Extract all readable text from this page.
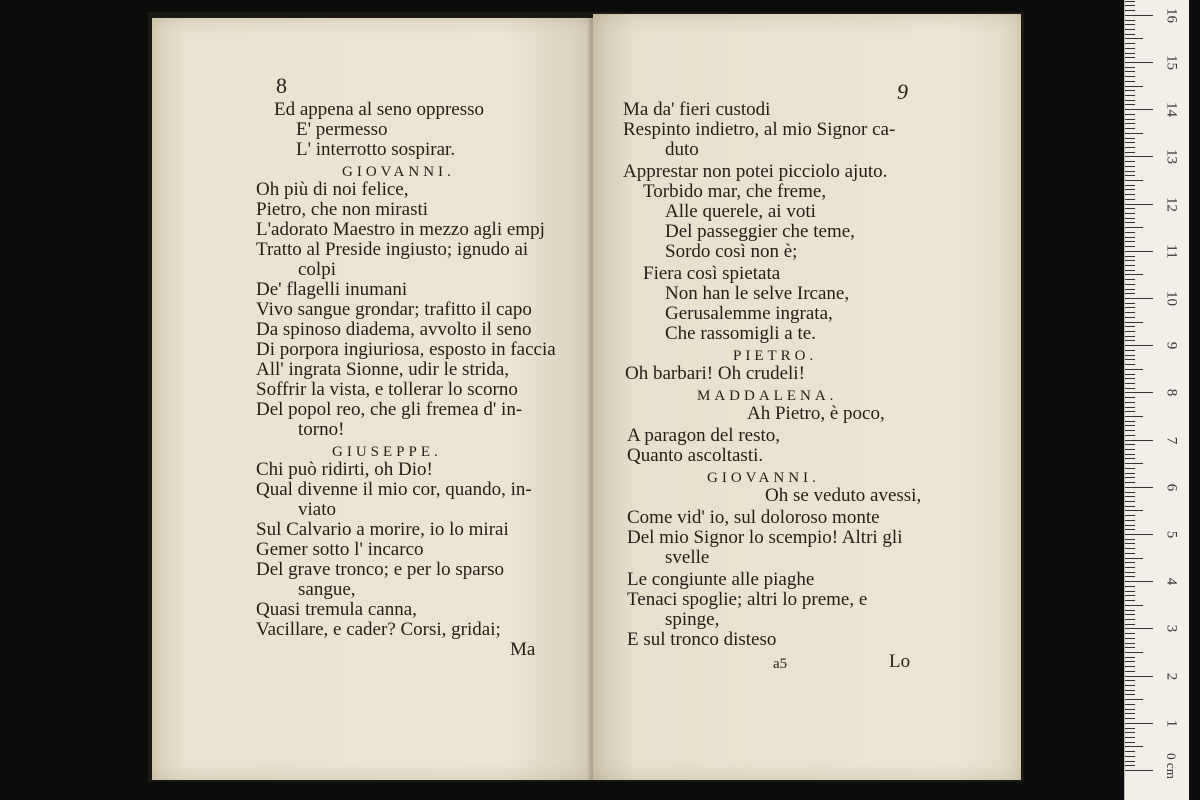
8
Ed appena al seno oppresso
E' permesso
L' interrotto sospirar.
GIOVANNI.
Oh più di noi felice,
Pietro, che non mirasti
L'adorato Maestro in mezzo agli empj
Tratto al Preside ingiusto; ignudo ai
colpi
De' flagelli inumani
Vivo sangue grondar; trafitto il capo
Da spinoso diadema, avvolto il seno
Di porpora ingiuriosa, esposto in faccia
All' ingrata Sionne, udir le strida,
Soffrir la vista, e tollerar lo scorno
Del popol reo, che gli fremea d' in-
torno!
GIUSEPPE.
Chi può ridirti, oh Dio!
Qual divenne il mio cor, quando, in-
viato
Sul Calvario a morire, io lo mirai
Gemer sotto l' incarco
Del grave tronco; e per lo sparso
sangue,
Quasi tremula canna,
Vacillare, e cader? Corsi, gridai;
Ma
9
Ma da' fieri custodi
Respinto indietro, al mio Signor ca-
duto
Apprestar non potei picciolo ajuto.
Torbido mar, che freme,
Alle querele, ai voti
Del passeggier che teme,
Sordo così non è;
Fiera così spietata
Non han le selve Ircane,
Gerusalemme ingrata,
Che rassomigli a te.
PIETRO.
Oh barbari! Oh crudeli!
MADDALENA.
Ah Pietro, è poco,
A paragon del resto,
Quanto ascoltasti.
GIOVANNI.
Oh se veduto avessi,
Come vid' io, sul doloroso monte
Del mio Signor lo scempio! Altri gli
svelle
Le congiunte alle piaghe
Tenaci spoglie; altri lo preme, e
spinge,
E sul tronco disteso
a5	Lo
0 cm
1
2
3
4
5
6
7
8
9
10
11
12
13
14
15
16
